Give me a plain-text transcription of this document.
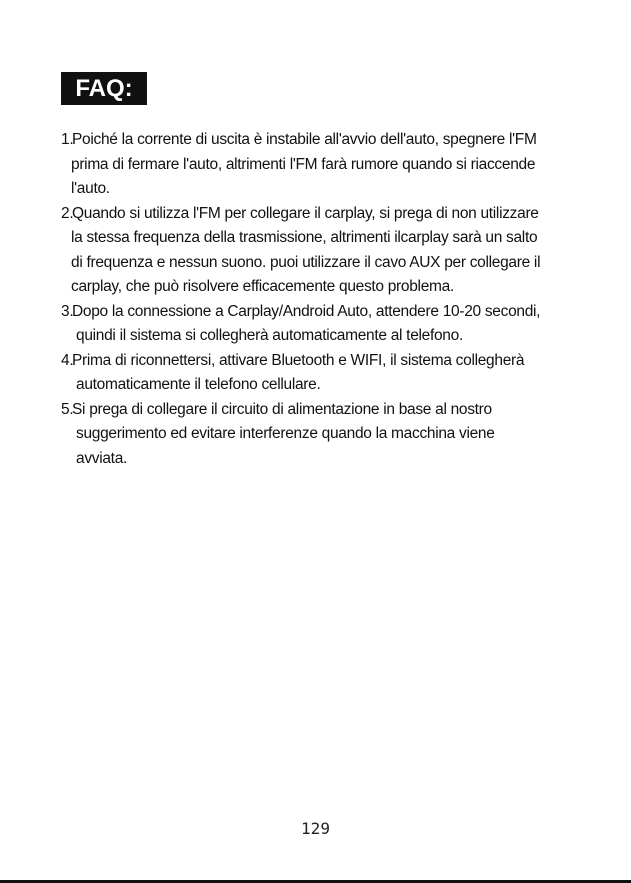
FAQ:
1.
Poiché la corrente di uscita è instabile all'avvio dell'auto, spegnere l'FM
prima di fermare l'auto, altrimenti l'FM farà rumore quando si riaccende
l'auto.
2.
Quando si utilizza l'FM per collegare il carplay, si prega di non utilizzare
la stessa frequenza della trasmissione, altrimenti ilcarplay sarà un salto
di frequenza e nessun suono. puoi utilizzare il cavo AUX per collegare il
carplay, che può risolvere efficacemente questo problema.
3.
Dopo la connessione a Carplay/Android Auto, attendere 10-20 secondi,
quindi il sistema si collegherà automaticamente al telefono.
4.
Prima di riconnettersi, attivare Bluetooth e WIFI, il sistema collegherà
automaticamente il telefono cellulare.
5.
Si prega di collegare il circuito di alimentazione in base al nostro
suggerimento ed evitare interferenze quando la macchina viene
avviata.
129
